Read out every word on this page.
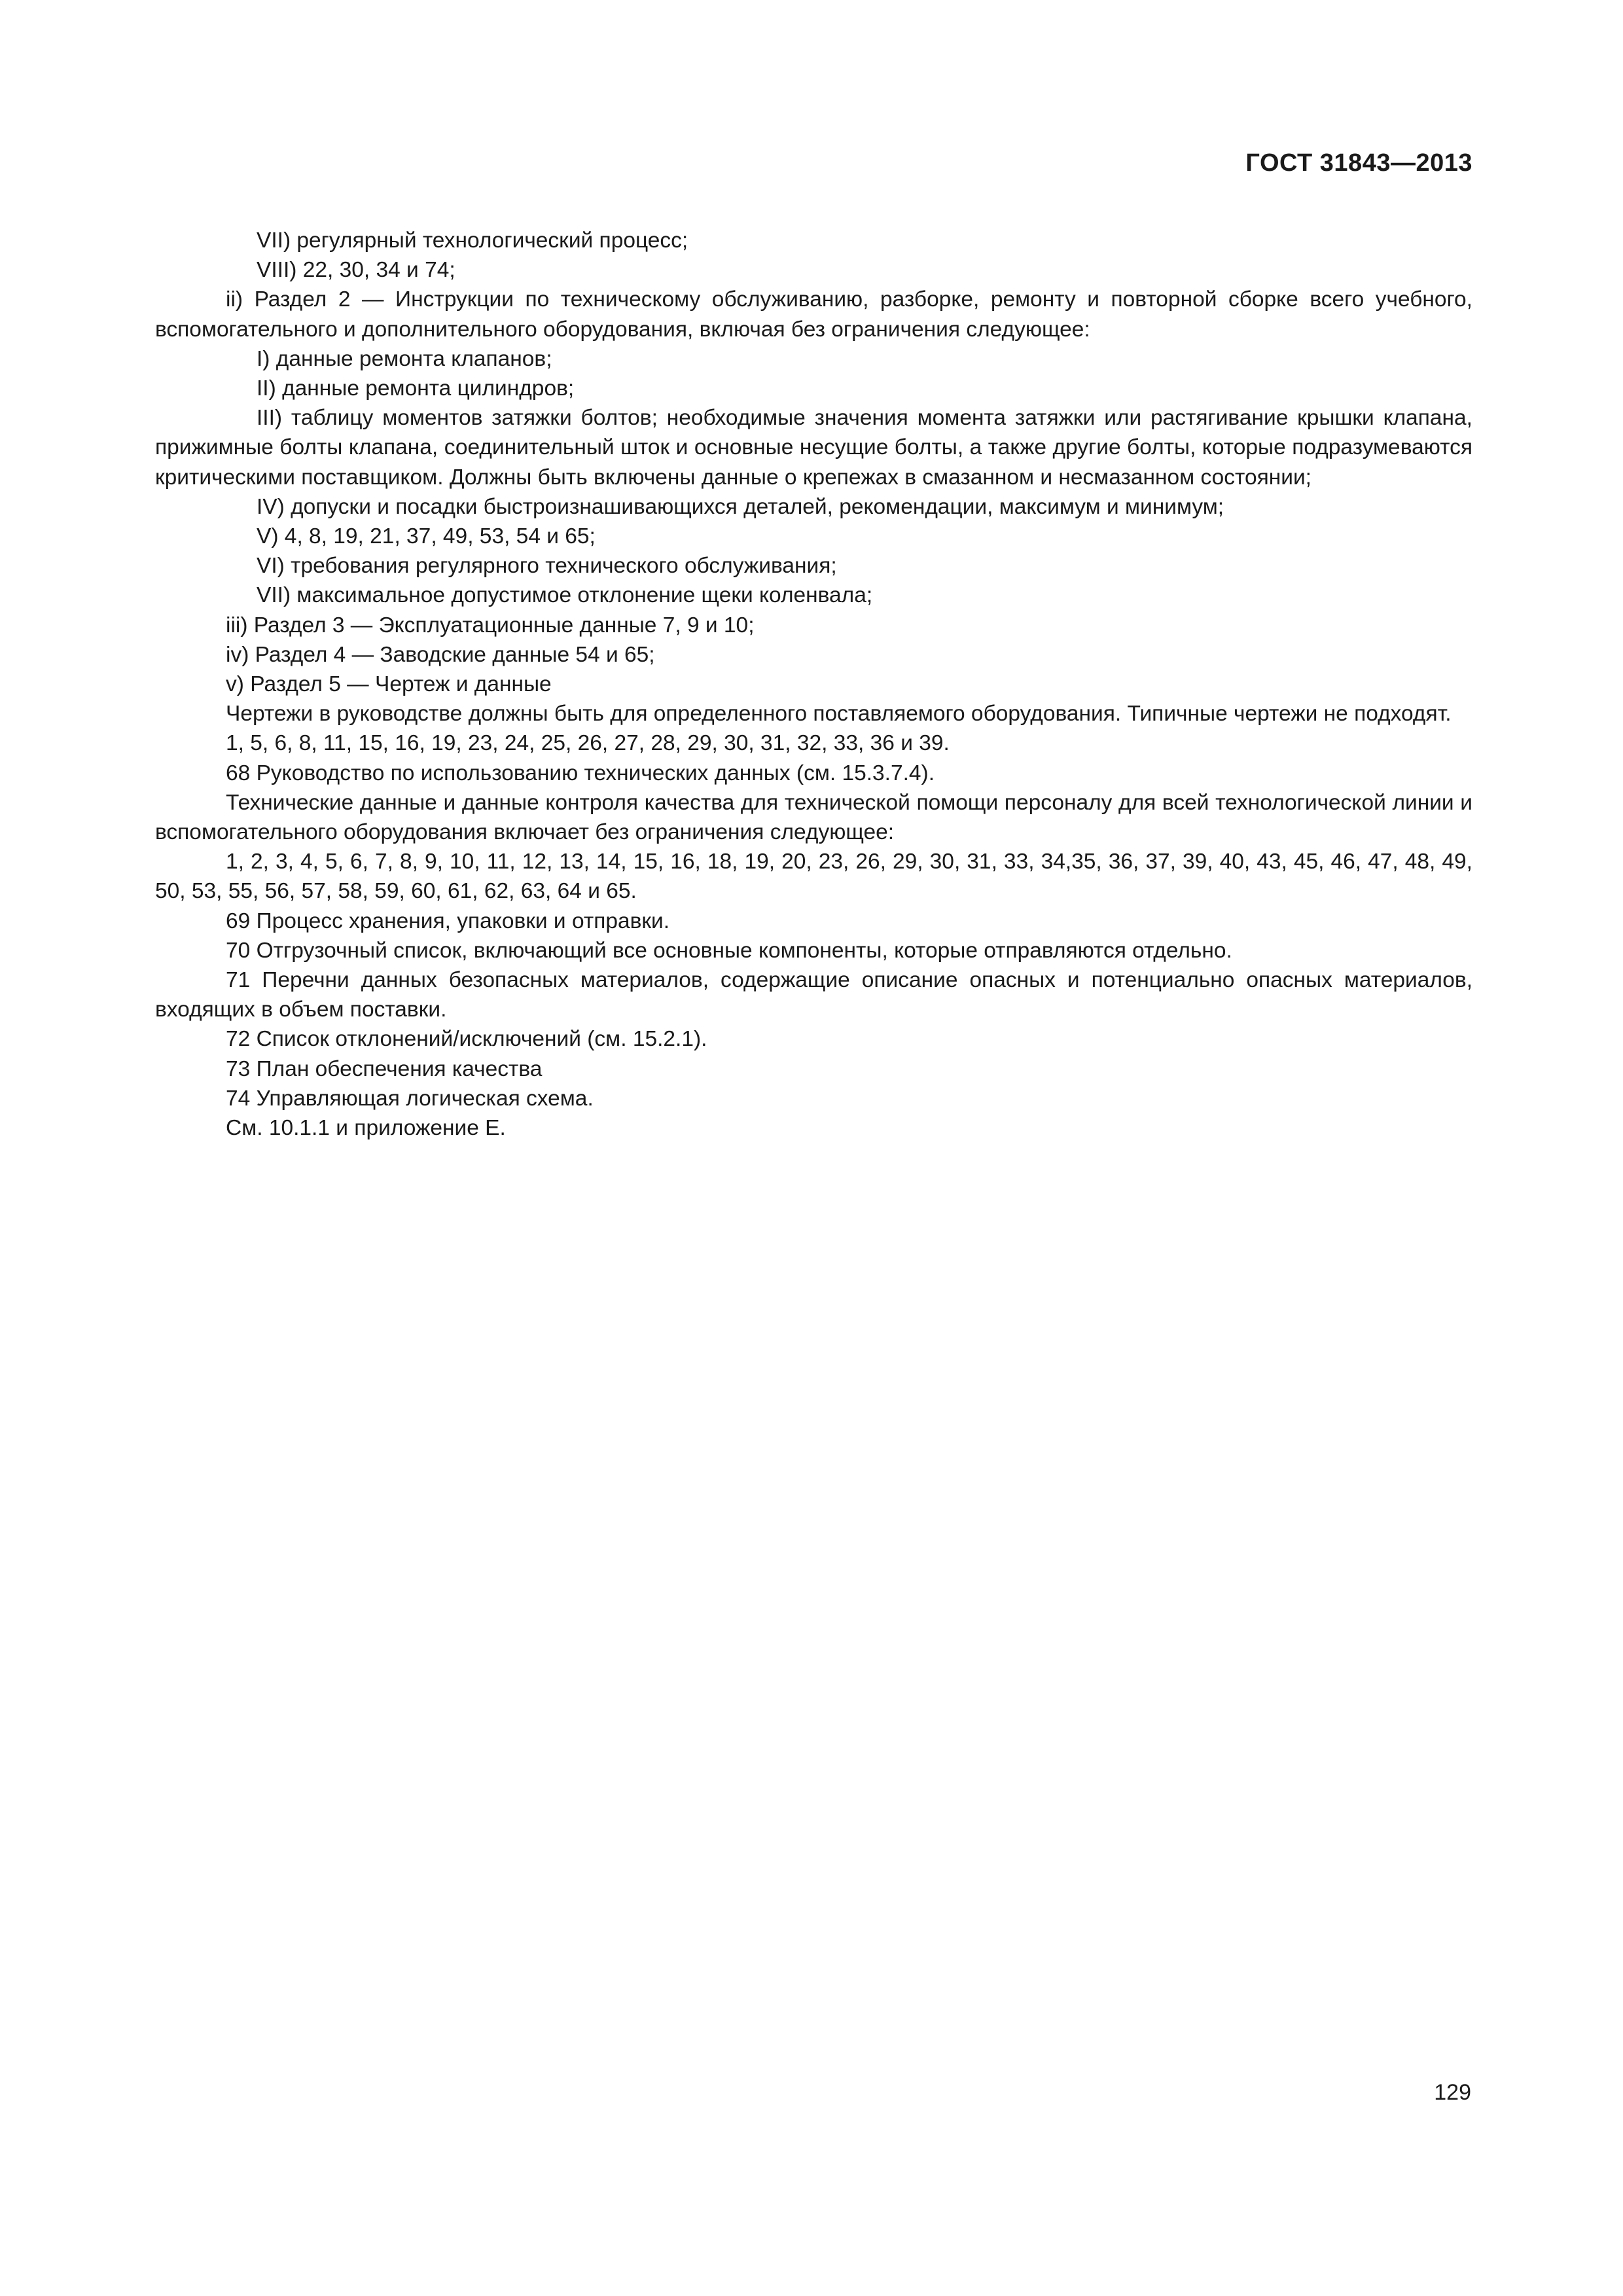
ГОСТ 31843—2013

VII) регулярный технологический процесс;

VIII) 22, 30, 34 и 74;

ii) Раздел 2 — Инструкции по техническому обслуживанию, разборке, ремонту и повторной сборке всего учебного, вспомогательного и дополнительного оборудования, включая без ограничения следующее:

I) данные ремонта клапанов;

II) данные ремонта цилиндров;

III) таблицу моментов затяжки болтов; необходимые значения момента затяжки или растягивание крышки клапана, прижимные болты клапана, соединительный шток и основные несущие болты, а также другие болты, которые подразумеваются критическими поставщиком. Должны быть включены данные о крепежах в смазанном и несмазанном состоянии;

IV) допуски и посадки быстроизнашивающихся деталей, рекомендации, максимум и минимум;

V) 4, 8, 19, 21, 37, 49, 53, 54 и 65;

VI) требования регулярного технического обслуживания;

VII) максимальное допустимое отклонение щеки коленвала;

iii) Раздел 3 — Эксплуатационные данные 7, 9 и 10;

iv) Раздел 4 — Заводские данные 54 и 65;

v) Раздел 5 — Чертеж и данные

Чертежи в руководстве должны быть для определенного поставляемого оборудования. Типичные чертежи не подходят.

1, 5, 6, 8, 11, 15, 16, 19, 23, 24, 25, 26, 27, 28, 29, 30, 31, 32, 33, 36 и 39.

68 Руководство по использованию технических данных (см. 15.3.7.4).

Технические данные и данные контроля качества для технической помощи персоналу для всей технологической линии и вспомогательного оборудования включает без ограничения следующее:

1, 2, 3, 4, 5, 6, 7, 8, 9, 10, 11, 12, 13, 14, 15, 16, 18, 19, 20, 23, 26, 29, 30, 31, 33, 34,35, 36, 37, 39, 40, 43, 45, 46, 47, 48, 49, 50, 53, 55, 56, 57, 58, 59, 60, 61, 62, 63, 64 и 65.

69 Процесс хранения, упаковки и отправки.

70 Отгрузочный список, включающий все основные компоненты, которые отправляются отдельно.

71 Перечни данных безопасных материалов, содержащие описание опасных и потенциально опасных материалов, входящих в объем поставки.

72 Список отклонений/исключений (см. 15.2.1).

73 План обеспечения качества

74 Управляющая логическая схема.

См. 10.1.1 и приложение Е.

129
